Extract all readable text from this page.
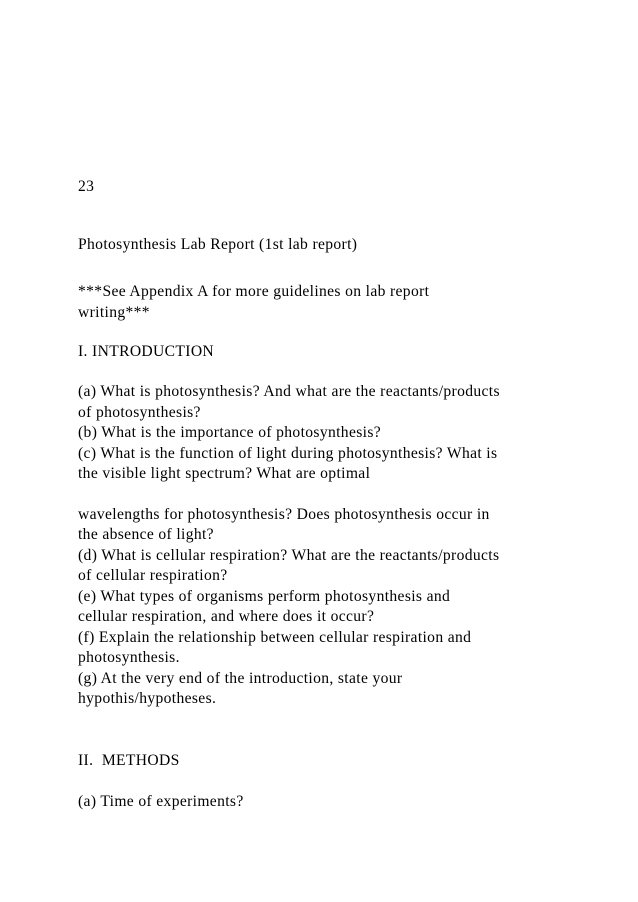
23
Photosynthesis Lab Report (1st lab report)
***See Appendix A for more guidelines on lab report
writing***
I. INTRODUCTION
(a) What is photosynthesis? And what are the reactants/products
of photosynthesis?
(b) What is the importance of photosynthesis?
(c) What is the function of light during photosynthesis? What is
the visible light spectrum? What are optimal
wavelengths for photosynthesis? Does photosynthesis occur in
the absence of light?
(d) What is cellular respiration? What are the reactants/products
of cellular respiration?
(e) What types of organisms perform photosynthesis and
cellular respiration, and where does it occur?
(f) Explain the relationship between cellular respiration and
photosynthesis.
(g) At the very end of the introduction, state your
hypothis/hypotheses.
II.  METHODS
(a) Time of experiments?
